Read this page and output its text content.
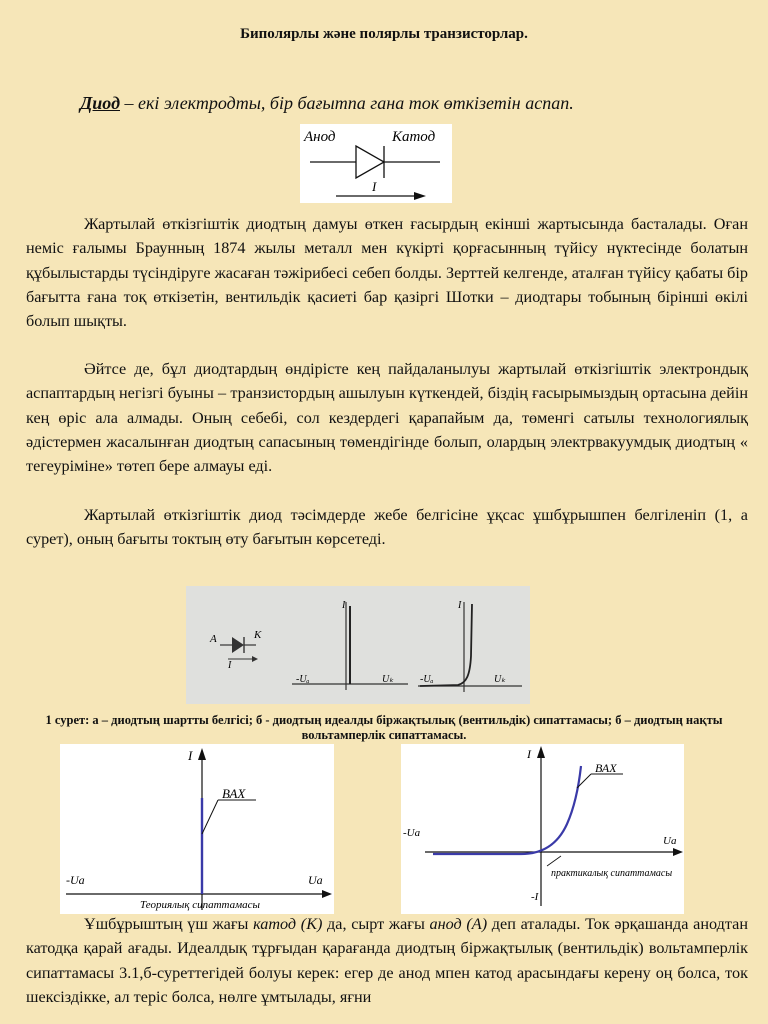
Биполярлы және полярлы транзисторлар.
Диод – екі электродты, бір бағытпа гана ток өткізетін аспап.
Анод	Катод
I

Жартылай өткізгіштік диодтың дамуы өткен ғасырдың екінші жартысында басталады. Оған неміс ғалымы Браунның 1874 жылы металл мен күкірті қорғасынның түйісу нүктесінде болатын құбылыстарды түсіндіруге жасаған тәжірибесі себеп болды. Зерттей келгенде, аталған түйісу қабаты бір бағытта ғана тоқ өткізетін, вентильдік қасиеті бар қазіргі Шотки – диодтары тобының бірінші өкілі болып шықты.

Әйтсе де, бұл диодтардың өндірісте кең пайдаланылуы жартылай өткізгіштік электрондық аспаптардың негізгі буыны – транзистордың ашылуын күткендей, біздің ғасырымыздың ортасына дейін кең өріс ала алмады. Оның себебі, сол кездердегі қарапайым да, төменгі сатылы технологиялық әдістермен жасалынған диодтың сапасының төмендігінде болып, олардың электрвакуумдық диодтың « тегеуріміне» төтеп бере алмауы еді.

Жартылай өткізгіштік диод тәсімдерде жебе белгісіне ұқсас ұшбұрышпен белгіленіп (1, а сурет), оның бағыты токтың өту бағытын көрсетеді.

A	K
I
I
-Uₐ	Uₖ
I
-Uₐ	Uₖ
1 сурет: а – диодтың шартты белгісі; б - диодтың идеалды біржақтылық (вентильдік) сипаттамасы; б – диодтың нақты вольтамперлік сипаттамасы.
ВАХ
I
-Uа	Uа
Теориялық сипаттамасы
ВАХ
I
-Uа
Uа
-I
практикалық сипаттамасы

Ұшбұрыштың үш жағы катод (К) да, сырт жағы анод (А) деп аталады. Ток әрқашанда анодтан катодқа қарай ағады. Идеалдық тұрғыдан қарағанда диодтың біржақтылық (вентильдік) вольтамперлік сипаттамасы 3.1,б-суреттегідей болуы керек: егер де анод мпен катод арасындағы керену оң болса, ток шексіздікке, ал теріс болса, нөлге ұмтылады, яғни
